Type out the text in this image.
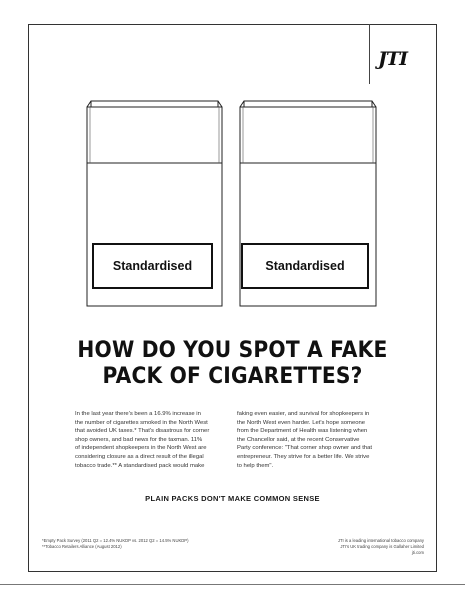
JTI
Standardised	Standardised
HOW DO YOU SPOT A FAKE
PACK OF CIGARETTES?
In the last year there's been a 16.9% increase in
the number of cigarettes smoked in the North West
that avoided UK taxes.* That's disastrous for corner
shop owners, and bad news for the taxman. 11%
of independent shopkeepers in the North West are
considering closure as a direct result of the illegal
tobacco trade.** A standardised pack would make
faking even easier, and survival for shopkeepers in
the North West even harder. Let's hope someone
from the Department of Health was listening when
the Chancellor said, at the recent Conservative
Party conference: "That corner shop owner and that
entrepreneur. They strive for a better life. We strive
to help them".
PLAIN PACKS DON'T MAKE COMMON SENSE
*Empty Pack Survey (2011 Q2 = 12.4% NUKDP vs. 2012 Q2 = 14.5% NUKDP)
**Tobacco Retailers Alliance (August 2012)
JTI is a leading international tobacco company
JTI's UK trading company is Gallaher Limited
jti.com
